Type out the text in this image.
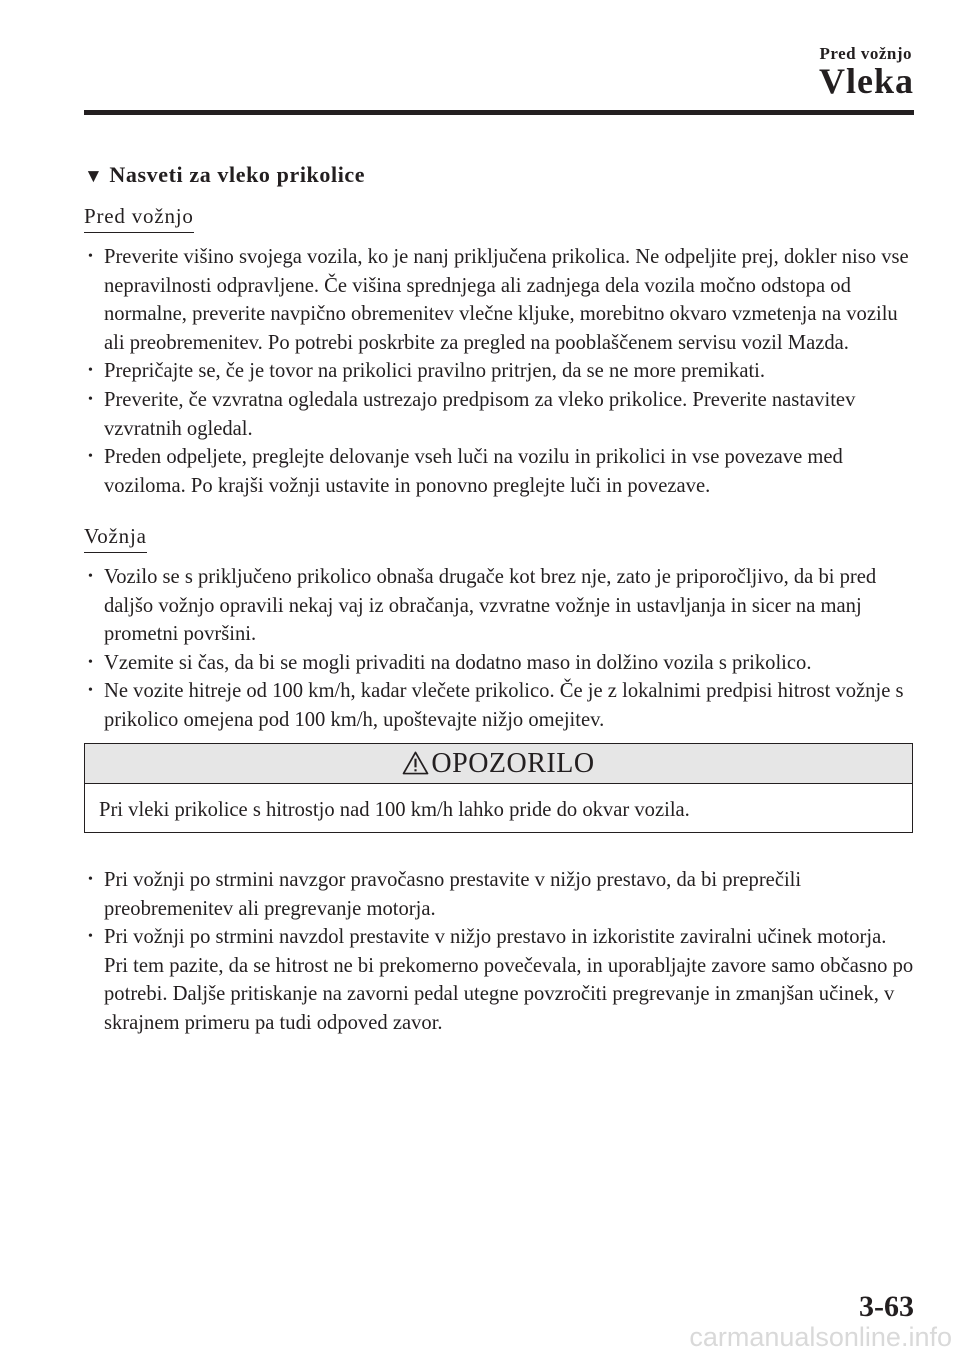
Pred vožnjo
Vleka
▼ Nasveti za vleko prikolice
Pred vožnjo
• Preverite višino svojega vozila, ko je nanj priključena prikolica. Ne odpeljite prej, dokler niso vse nepravilnosti odpravljene. Če višina sprednjega ali zadnjega dela vozila močno odstopa od normalne, preverite navpično obremenitev vlečne kljuke, morebitno okvaro vzmetenja na vozilu ali preobremenitev. Po potrebi poskrbite za pregled na pooblaščenem servisu vozil Mazda.
• Prepričajte se, če je tovor na prikolici pravilno pritrjen, da se ne more premikati.
• Preverite, če vzvratna ogledala ustrezajo predpisom za vleko prikolice. Preverite nastavitev vzvratnih ogledal.
• Preden odpeljete, preglejte delovanje vseh luči na vozilu in prikolici in vse povezave med voziloma. Po krajši vožnji ustavite in ponovno preglejte luči in povezave.
Vožnja
• Vozilo se s priključeno prikolico obnaša drugače kot brez nje, zato je priporočljivo, da bi pred daljšo vožnjo opravili nekaj vaj iz obračanja, vzvratne vožnje in ustavljanja in sicer na manj prometni površini.
• Vzemite si čas, da bi se mogli privaditi na dodatno maso in dolžino vozila s prikolico.
• Ne vozite hitreje od 100 km/h, kadar vlečete prikolico. Če je z lokalnimi predpisi hitrost vožnje s prikolico omejena pod 100 km/h, upoštevajte nižjo omejitev.
OPOZORILO
Pri vleki prikolice s hitrostjo nad 100 km/h lahko pride do okvar vozila.
• Pri vožnji po strmini navzgor pravočasno prestavite v nižjo prestavo, da bi preprečili preobremenitev ali pregrevanje motorja.
• Pri vožnji po strmini navzdol prestavite v nižjo prestavo in izkoristite zaviralni učinek motorja. Pri tem pazite, da se hitrost ne bi prekomerno povečevala, in uporabljajte zavore samo občasno po potrebi. Daljše pritiskanje na zavorni pedal utegne povzročiti pregrevanje in zmanjšan učinek, v skrajnem primeru pa tudi odpoved zavor.
3-63
carmanualsonline.info
